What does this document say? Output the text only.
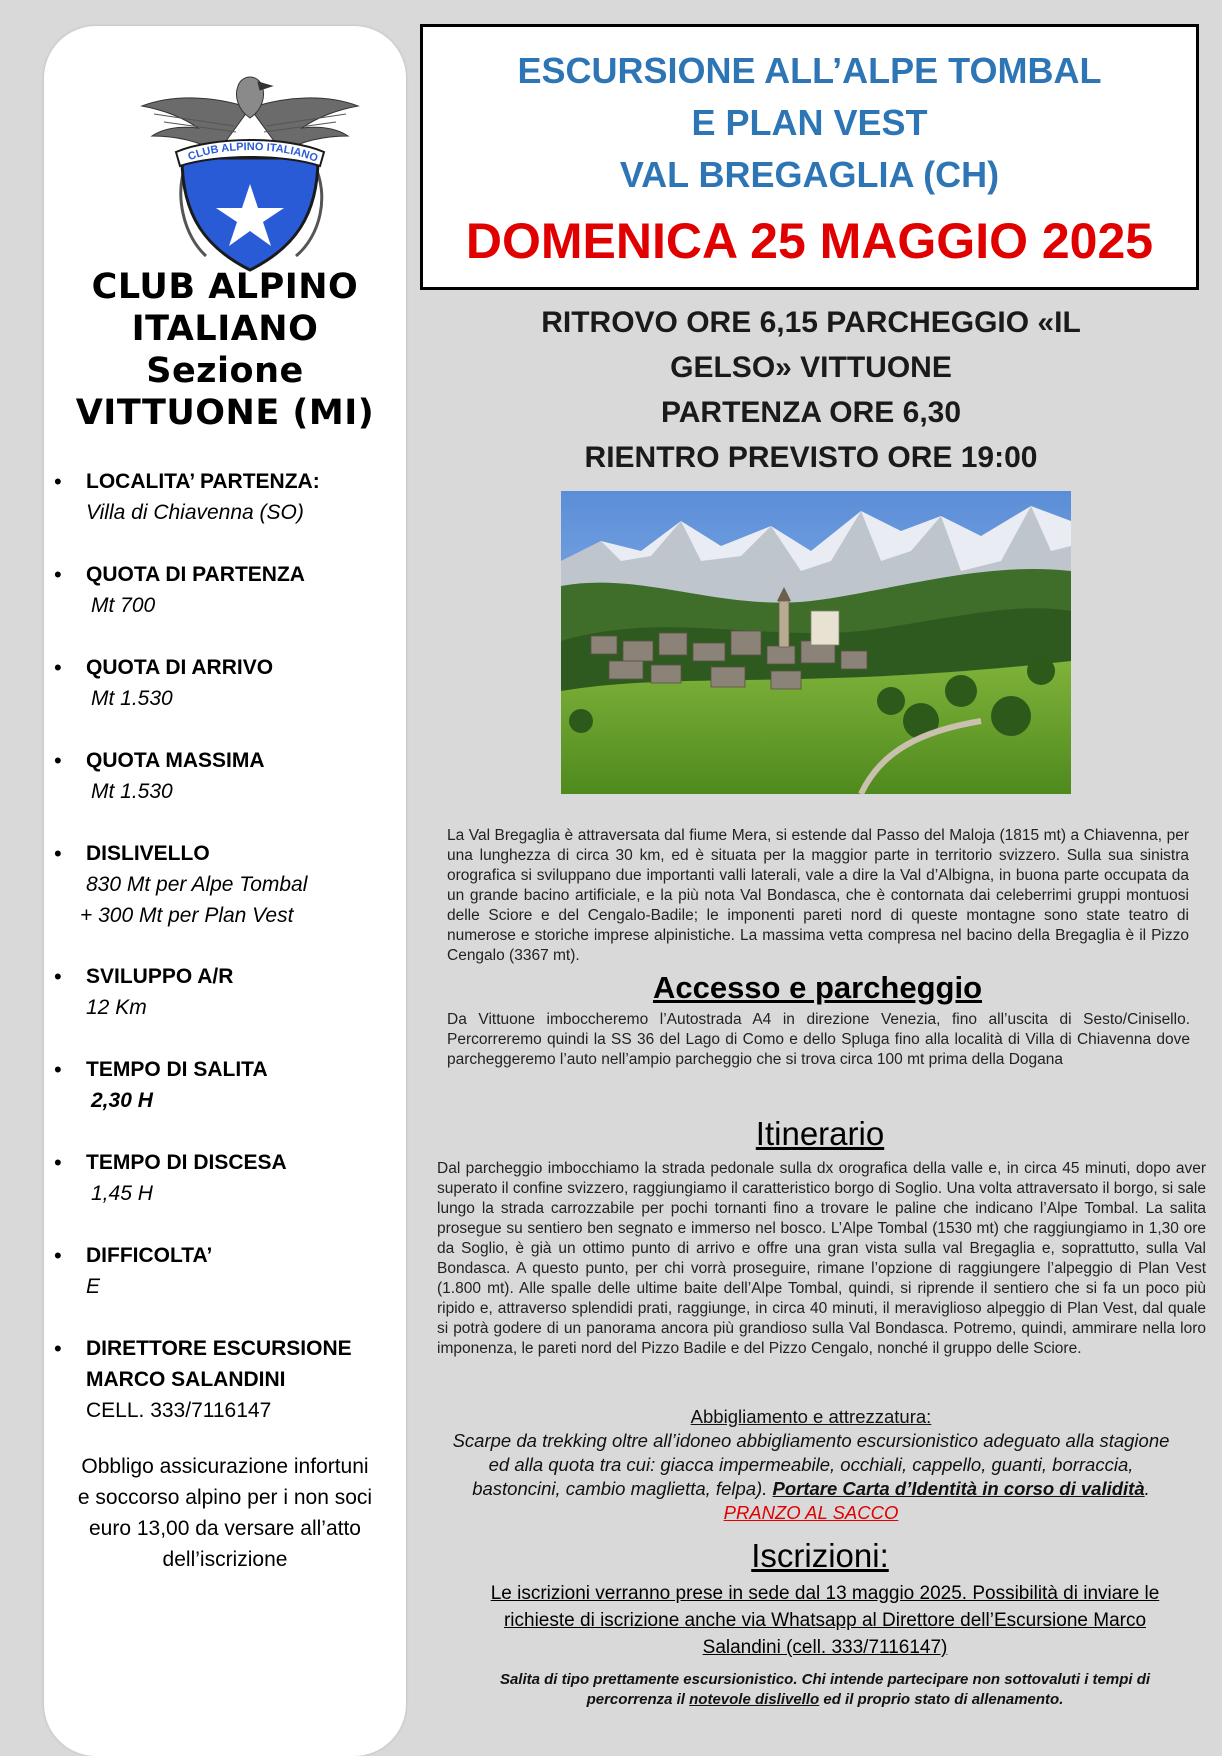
CLUB ALPINO ITALIANO
CLUB ALPINO
ITALIANO
Sezione
VITTUONE (MI)
• LOCALITA’ PARTENZA:
Villa di Chiavenna (SO)
• QUOTA DI PARTENZA
Mt 700
• QUOTA DI ARRIVO
Mt 1.530
• QUOTA MASSIMA
Mt 1.530
• DISLIVELLO
830 Mt per Alpe Tombal
+ 300 Mt per Plan Vest
• SVILUPPO A/R
12 Km
• TEMPO DI SALITA
2,30 H
• TEMPO DI DISCESA
1,45 H
• DIFFICOLTA’
E
• DIRETTORE ESCURSIONE
MARCO SALANDINI
CELL. 333/7116147
Obbligo assicurazione infortuni
e soccorso alpino per i non soci
euro 13,00 da versare all’atto
dell’iscrizione
ESCURSIONE ALL’ALPE TOMBAL
E PLAN VEST
VAL BREGAGLIA (CH)
DOMENICA 25 MAGGIO 2025
RITROVO ORE 6,15 PARCHEGGIO «IL
GELSO» VITTUONE
PARTENZA ORE 6,30
RIENTRO PREVISTO ORE 19:00
La Val Bregaglia è attraversata dal fiume Mera, si estende dal Passo del Maloja (1815 mt) a Chiavenna, per una lunghezza di circa 30 km, ed è situata per la maggior parte in territorio svizzero. Sulla sua sinistra orografica si sviluppano due importanti valli laterali, vale a dire la Val d’Albigna, in buona parte occupata da un grande bacino artificiale, e la più nota Val Bondasca, che è contornata dai celeberrimi gruppi montuosi delle Sciore e del Cengalo-Badile; le imponenti pareti nord di queste montagne sono state teatro di numerose e storiche imprese alpinistiche. La massima vetta compresa nel bacino della Bregaglia è il Pizzo Cengalo (3367 mt).
Accesso e parcheggio
Da Vittuone imboccheremo l’Autostrada A4 in direzione Venezia, fino all’uscita di Sesto/Cinisello. Percorreremo quindi la SS 36 del Lago di Como e dello Spluga fino alla località di Villa di Chiavenna dove parcheggeremo l’auto nell’ampio parcheggio che si trova circa 100 mt prima della Dogana
Itinerario
Dal parcheggio imbocchiamo la strada pedonale sulla dx orografica della valle e, in circa 45 minuti, dopo aver superato il confine svizzero, raggiungiamo il caratteristico borgo di Soglio. Una volta attraversato il borgo, si sale lungo la strada carrozzabile per pochi tornanti fino a trovare le paline che indicano l’Alpe Tombal. La salita prosegue su sentiero ben segnato e immerso nel bosco. L’Alpe Tombal (1530 mt) che raggiungiamo in 1,30 ore da Soglio, è già un ottimo punto di arrivo e offre una gran vista sulla val Bregaglia e, soprattutto, sulla Val Bondasca. A questo punto, per chi vorrà proseguire, rimane l’opzione di raggiungere l’alpeggio di Plan Vest (1.800 mt). Alle spalle delle ultime baite dell’Alpe Tombal, quindi, si riprende il sentiero che si fa un poco più ripido e, attraverso splendidi prati, raggiunge, in circa 40 minuti, il meraviglioso alpeggio di Plan Vest, dal quale si potrà godere di un panorama ancora più grandioso sulla Val Bondasca. Potremo, quindi, ammirare nella loro imponenza, le pareti nord del Pizzo Badile e del Pizzo Cengalo, nonché il gruppo delle Sciore.
Abbigliamento e attrezzatura:
Scarpe da trekking oltre all’idoneo abbigliamento escursionistico adeguato alla stagione
ed alla quota tra cui: giacca impermeabile, occhiali, cappello, guanti, borraccia,
bastoncini, cambio maglietta, felpa). Portare Carta d’Identità in corso di validità.
PRANZO AL SACCO
Iscrizioni:
Le iscrizioni verranno prese in sede dal 13 maggio 2025. Possibilità di inviare le
richieste di iscrizione anche via Whatsapp al Direttore dell’Escursione Marco
Salandini (cell. 333/7116147)
Salita di tipo prettamente escursionistico. Chi intende partecipare non sottovaluti i tempi di
percorrenza il notevole dislivello ed il proprio stato di allenamento.
